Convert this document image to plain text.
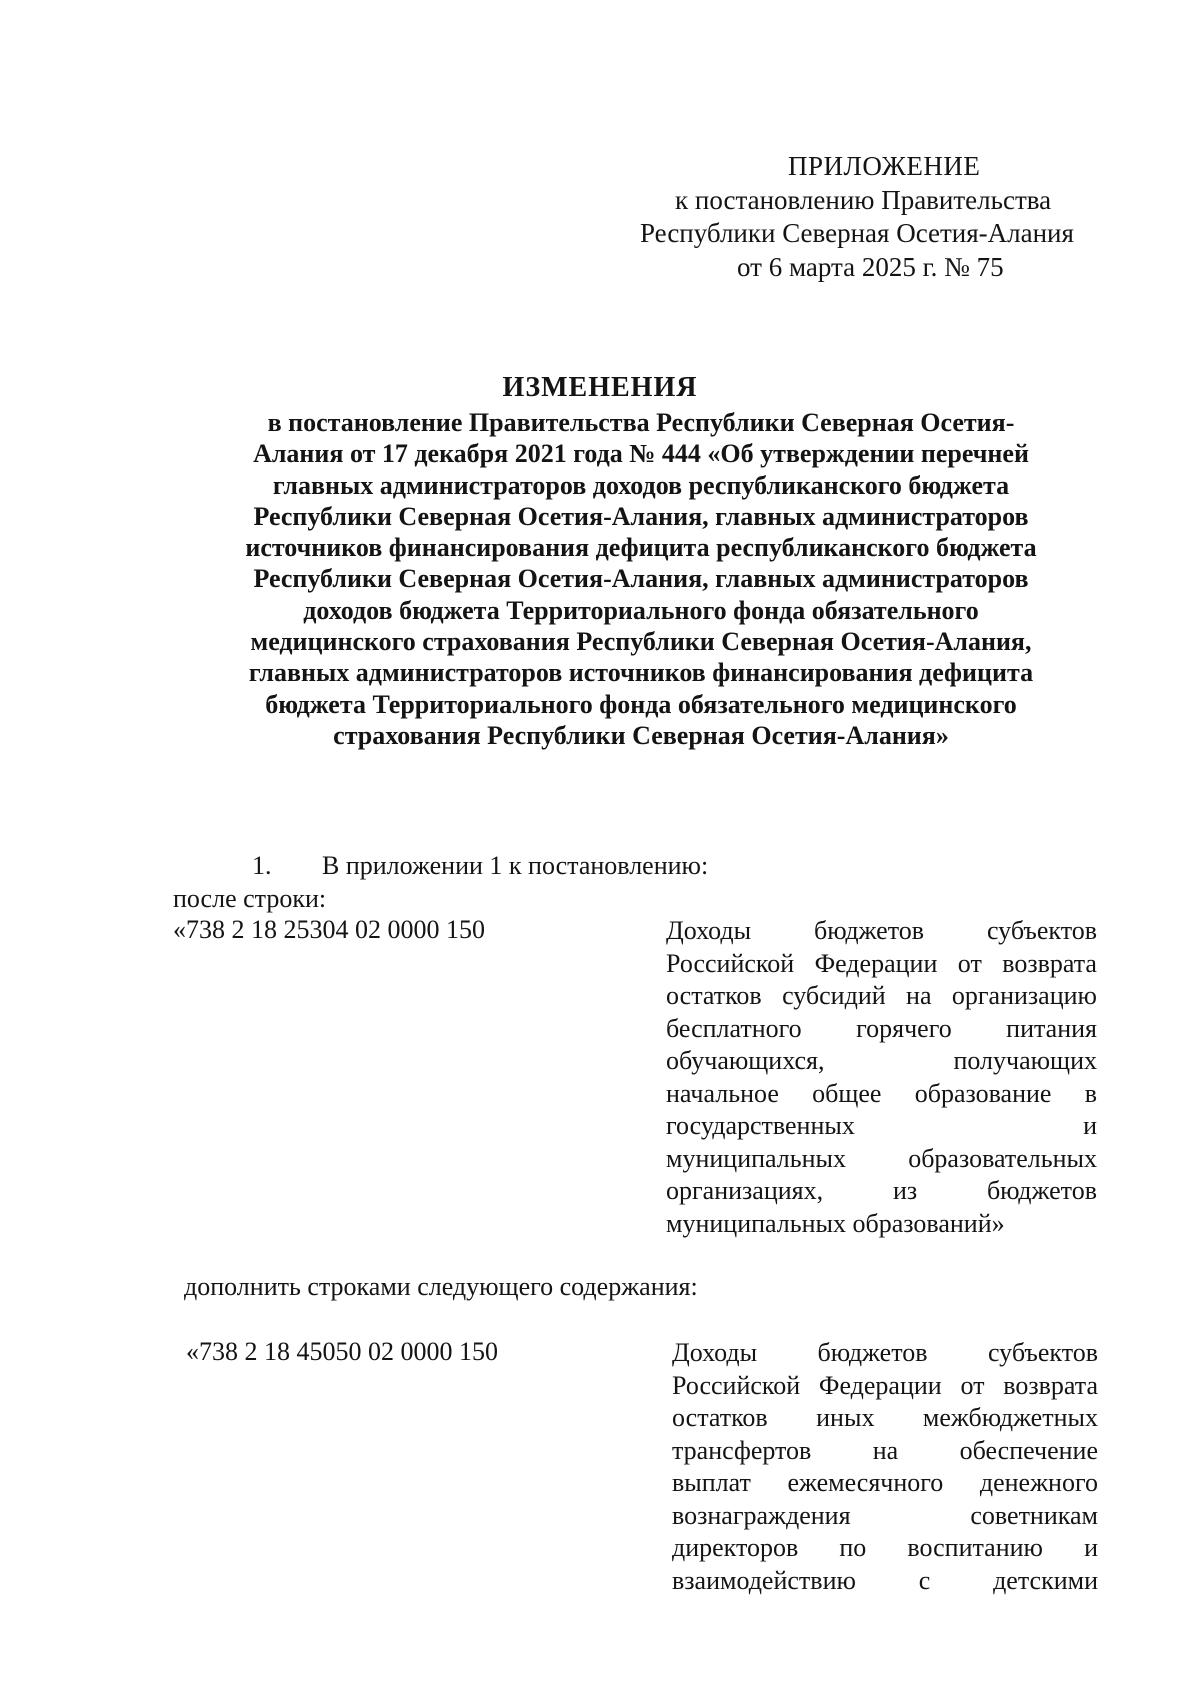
ПРИЛОЖЕНИЕ
к постановлению Правительства
Республики Северная Осетия-Алания
от 6 марта 2025 г. № 75
ИЗМЕНЕНИЯ
в постановление Правительства Республики Северная Осетия-
Алания от 17 декабря 2021 года № 444 «Об утверждении перечней
главных администраторов доходов республиканского бюджета
Республики Северная Осетия-Алания, главных администраторов
источников финансирования дефицита республиканского бюджета
Республики Северная Осетия-Алания, главных администраторов
доходов бюджета Территориального фонда обязательного
медицинского страхования Республики Северная Осетия-Алания,
главных администраторов источников финансирования дефицита
бюджета Территориального фонда обязательного медицинского
страхования Республики Северная Осетия-Алания»
1. В приложении 1 к постановлению:
после строки:
«738 2 18 25304 02 0000 150	Доходы бюджетов субъектов
Российской Федерации от возврата
остатков субсидий на организацию
бесплатного горячего питания
обучающихся,	получающих
начальное общее образование в
государственных	и
муниципальных образовательных
организациях,	из	бюджетов
муниципальных образований»
дополнить строками следующего содержания:
«738 2 18 45050 02 0000 150	Доходы бюджетов субъектов
Российской Федерации от возврата
остатков иных межбюджетных
трансфертов на обеспечение
выплат ежемесячного денежного
вознаграждения	советникам
директоров по воспитанию и
взаимодействию с детскими
